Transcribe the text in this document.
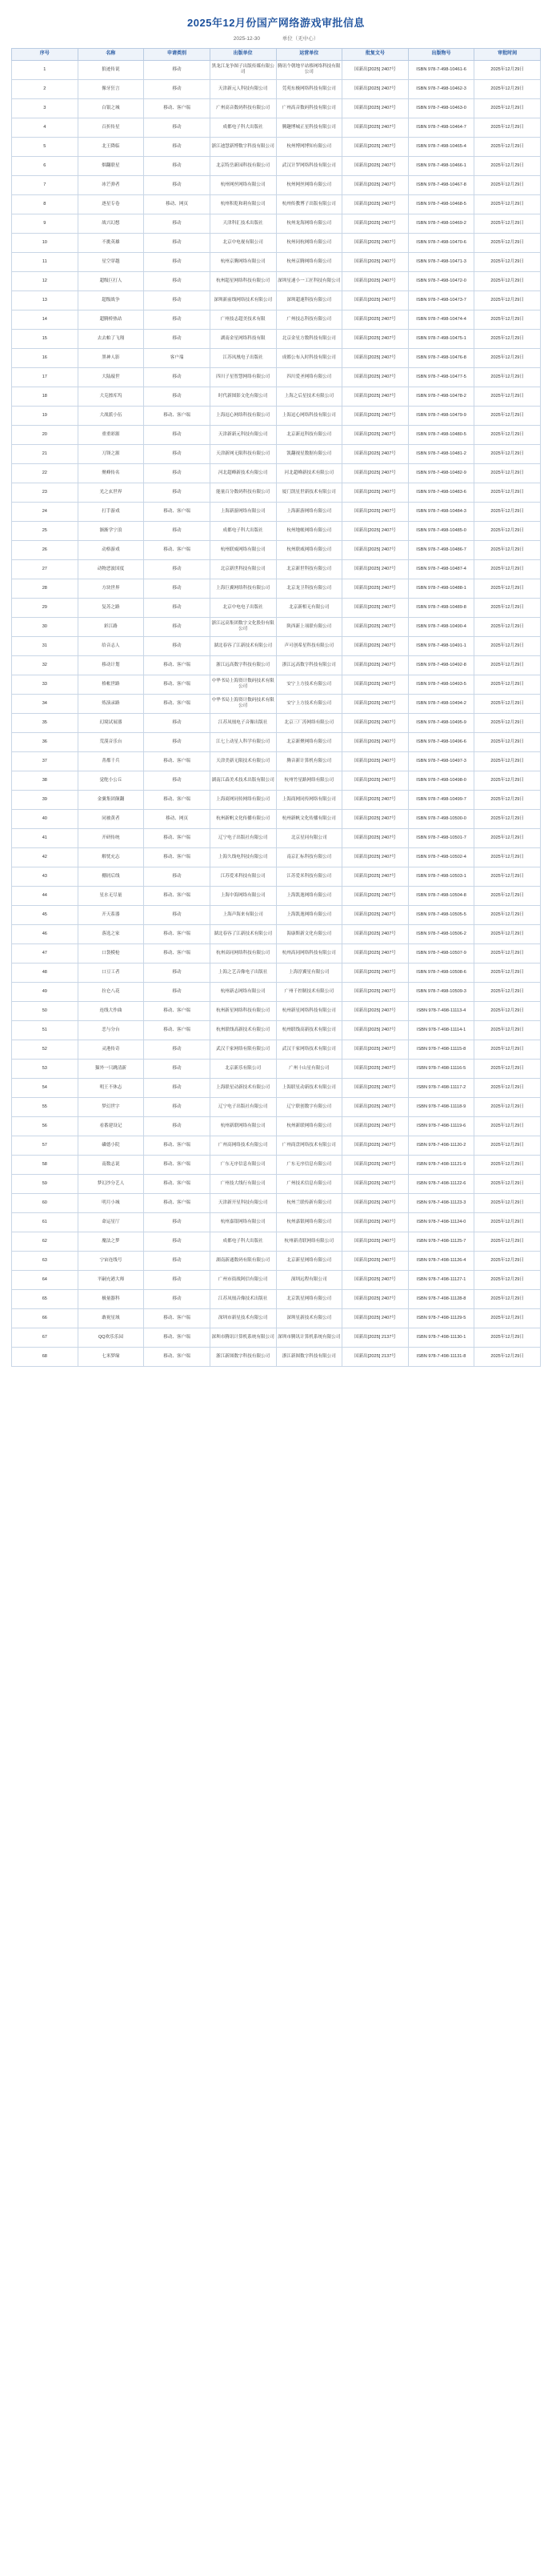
2025年12月份国产网络游戏审批信息
2025-12-30	单位（无中心）
序号	名称	申请类别	出版单位	运营单位	批复文号	出版物号	审批时间
1	狼迹传说	移动	黑龙江龙争图子出版传媒有限公司	腾讯个朝地平站移网络科技有限公司	国新出[2025] 2407号	ISBN 978-7-498-10461-6	2025年12月29日
2	像牙狂言	移动	天津新元人科技有限公司	莞苑东极网络科技有限公司	国新出[2025] 2407号	ISBN 978-7-498-10462-3	2025年12月29日
3	白银之城	移动、客户端	广州高音数码科技有限公司	广州高音数码科技有限公司	国新出[2025] 2407号	ISBN 978-7-498-10463-0	2025年12月29日
4	百折传星	移动	成都电子科大出版社	腾趣博城正星科技有限公司	国新出[2025] 2407号	ISBN 978-7-498-10464-7	2025年12月29日
5	北王降临	移动	浙江迪慧新博数字科技有限公司	杭州博网博知有限公司	国新出[2025] 2407号	ISBN 978-7-498-10465-4	2025年12月29日
6	烟翻联星	移动	北京特岳新园科技有限公司	武汉计罗网络科技有限公司	国新出[2025] 2407号	ISBN 978-7-498-10466-1	2025年12月29日
7	冰芒弹者	移动	杭州网丝网络有限公司	杭州网丝网络有限公司	国新出[2025] 2407号	ISBN 978-7-498-10467-8	2025年12月29日
8	逐星专卷	移动、网页	杭州积乾和莉有限公司	杭州传教博子出版有限公司	国新出[2025] 2407号	ISBN 978-7-498-10468-5	2025年12月29日
9	战兴幻想	移动	天津科汇技术出版社	杭州龙海网络有限公司	国新出[2025] 2407号	ISBN 978-7-498-10469-2	2025年12月29日
10	不挑英雄	移动	北京中电视有限公司	杭州同杭网络有限公司	国新出[2025] 2407号	ISBN 978-7-498-10470-6	2025年12月29日
11	星空穿越	移动	杭州京腾网络有限公司	杭州京腾网络有限公司	国新出[2025] 2407号	ISBN 978-7-498-10471-3	2025年12月29日
12	超级巨打人	移动	杭州超星网络科技有限公司	深圳星速小一工匠科技有限公司	国新出[2025] 2407号	ISBN 978-7-498-10472-0	2025年12月29日
13	超级战争	移动	深圳新前线网络技术有限公司	深圳超速科技有限公司	国新出[2025] 2407号	ISBN 978-7-498-10473-7	2025年12月29日
14	超腾桥热站	移动	广州技志超美技术有限	广州技志科技有限公司	国新出[2025] 2407号	ISBN 978-7-498-10474-4	2025年12月29日
15	去去帕了飞翔	移动	湖南金星网络科技有限	北京金星方数科技有限公司	国新出[2025] 2407号	ISBN 978-7-498-10475-1	2025年12月29日
16	黑神人影	客户端	江苏凤凰电子出版社	成都公布入时科技有限公司	国新出[2025] 2407号	ISBN 978-7-498-10476-8	2025年12月29日
17	大陆敲世	移动	四川子星智慧网络有限公司	四川爱圣网络有限公司	国新出[2025] 2407号	ISBN 978-7-498-10477-5	2025年12月29日
18	大克擦库坞	移动	时代新图影文化有限公司	上海之后星技术有限公司	国新出[2025] 2407号	ISBN 978-7-498-10478-2	2025年12月29日
19	大战派小伍	移动、客户端	上海逗心网络科技有限公司	上海逗心网络科技有限公司	国新出[2025] 2407号	ISBN 978-7-498-10479-9	2025年12月29日
20	重重彩源	移动	天津新新元科技有限公司	北京新逗科技有限公司	国新出[2025] 2407号	ISBN 978-7-498-10480-5	2025年12月29日
21	刀锋之源	移动	天津新网无限科技有限公司	凯翻视星数据有限公司	国新出[2025] 2407号	ISBN 978-7-498-10481-2	2025年12月29日
22	聚峰传名	移动	河北超峰新技术有限公司	河北超峰新技术有限公司	国新出[2025] 2407号	ISBN 978-7-498-10482-9	2025年12月29日
23	光之玄世界	移动	能量百分数码科技有限公司	厦门凯星世新技术有限公司	国新出[2025] 2407号	ISBN 978-7-498-10483-6	2025年12月29日
24	打手游戏	移动、客户端	上海新游网络有限公司	上海新游网络有限公司	国新出[2025] 2407号	ISBN 978-7-498-10484-3	2025年12月29日
25	渐渐学宁浪	移动	成都电子科大出版社	杭州地帐网络有限公司	国新出[2025] 2407号	ISBN 978-7-498-10485-0	2025年12月29日
26	动格游戏	移动、客户端	杭州联威网络有限公司	杭州联威网络有限公司	国新出[2025] 2407号	ISBN 978-7-498-10486-7	2025年12月29日
27	动物恶波国度	移动	北京新世科技有限公司	北京新世科技有限公司	国新出[2025] 2407号	ISBN 978-7-498-10487-4	2025年12月29日
28	方块世界	移动	上海巨翼网络科技有限公司	北京龙卫科技有限公司	国新出[2025] 2407号	ISBN 978-7-498-10488-1	2025年12月29日
29	复苏之路	移动	北京中电电子出版社	北京新相无有限公司	国新出[2025] 2407号	ISBN 978-7-498-10489-8	2025年12月29日
30	彩江路	移动	浙江远高集团数字文化股份有限公司	陕西新上项联有限公司	国新出[2025] 2407号	ISBN 978-7-498-10490-4	2025年12月29日
31	给音志人	移动	湖北春容了江新技术有限公司	声可创希星科技有限公司	国新出[2025] 2407号	ISBN 978-7-498-10491-1	2025年12月29日
32	移动计划	移动、客户端	浙江远高数字科技有限公司	浙江远高数字科技有限公司	国新出[2025] 2407号	ISBN 978-7-498-10492-8	2025年12月29日
33	格帐世路	移动、客户端	中华书局上海资计数码技术有限公司	安宁上方技术有限公司	国新出[2025] 2407号	ISBN 978-7-498-10493-5	2025年12月29日
34	炼演录路	移动、客户端	中华书局上海资计数码技术有限公司	安宁上方技术有限公司	国新出[2025] 2407号	ISBN 978-7-498-10494-2	2025年12月29日
35	幻境试展器	移动	江苏凤凰电子音像出版社	北京三厂涛网络有限公司	国新出[2025] 2407号	ISBN 978-7-498-10495-9	2025年12月29日
36	荒漠音乐台	移动	江七上动星人科学有限公司	北京新聚网络有限公司	国新出[2025] 2407号	ISBN 978-7-498-10496-6	2025年12月29日
37	菁都千兵	移动、客户端	天津美新无限技术有限公司	腾音新计算机有限公司	国新出[2025] 2407号	ISBN 978-7-498-10497-3	2025年12月29日
38	觉舵小公丘	移动	湖南江森美术技术出版有限公司	杭州竹星路网络有限公司	国新出[2025] 2407号	ISBN 978-7-498-10498-0	2025年12月29日
39	金翼集团颠翻	移动、客户端	上海商网同传网络有限公司	上海商网同传网络有限公司	国新出[2025] 2407号	ISBN 978-7-498-10499-7	2025年12月29日
40	同被黄者	移动、网页	杭州新帆文化传播有限公司	杭州新帆文化传播有限公司	国新出[2025] 2407号	ISBN 978-7-498-10500-0	2025年12月29日
41	开研传统	移动、客户端	辽宁电子出版社有限公司	北京星同有限公司	国新出[2025] 2407号	ISBN 978-7-498-10501-7	2025年12月29日
42	解忧充志	移动、客户端	上海久线电科技有限公司	南京汇标科技有限公司	国新出[2025] 2407号	ISBN 978-7-498-10502-4	2025年12月29日
43	棚屑后线	移动	江苏爱米科技有限公司	江苏爱米科技有限公司	国新出[2025] 2407号	ISBN 978-7-498-10503-1	2025年12月29日
44	星水无尽量	移动、客户端	上海中海网络有限公司	上海凯逸网络有限公司	国新出[2025] 2407号	ISBN 978-7-498-10504-8	2025年12月29日
45	开天系器	移动	上海声海来有限公司	上海凯逸网络有限公司	国新出[2025] 2407号	ISBN 978-7-498-10505-5	2025年12月29日
46	落选之家	移动、客户端	湖北春容了江新技术有限公司	海康斯新文化有限公司	国新出[2025] 2407号	ISBN 978-7-498-10506-2	2025年12月29日
47	口袋模枪	移动、客户端	杭州高同网络科技有限公司	杭州高同网络科技有限公司	国新出[2025] 2407号	ISBN 978-7-498-10507-9	2025年12月29日
48	口豆工者	移动	上海之艺音像电子出版社	上海淳翼星有限公司	国新出[2025] 2407号	ISBN 978-7-498-10508-6	2025年12月29日
49	拉仑八花	移动	杭州新志网络有限公司	广州千控制技术有限公司	国新出[2025] 2407号	ISBN 978-7-498-10509-3	2025年12月29日
50	连线大作曲	移动、客户端	杭州新星网络科技有限公司	杭州新星网络科技有限公司	国新出[2025] 2407号	ISBN 978-7-498-11113-4	2025年12月29日
51	恋与分台	移动、客户端	杭州联线高新技术有限公司	杭州联线高新技术有限公司	国新出[2025] 2407号	ISBN 978-7-498-11114-1	2025年12月29日
52	灵港传奇	移动	武汉千家网络有限有限公司	武汉千家网络技术有限公司	国新出[2025] 2407号	ISBN 978-7-498-11115-8	2025年12月29日
53	猫外一只跳清新	移动	北京新乐有限公司	广州十山星有限公司	国新出[2025] 2407号	ISBN 978-7-498-11116-5	2025年12月29日
54	明王不休志	移动	上海联星动新技术有限公司	上海联星动新技术有限公司	国新出[2025] 2407号	ISBN 978-7-498-11117-2	2025年12月29日
55	梦幻世字	移动	辽宁电子出版社有限公司	辽宁联创数字有限公司	国新出[2025] 2407号	ISBN 978-7-498-11118-9	2025年12月29日
56	看番建设记	移动	杭州新联网络有限公司	杭州新联网络有限公司	国新出[2025] 2407号	ISBN 978-7-498-11119-6	2025年12月29日
57	磷德小院	移动、客户端	广州高网络技术有限公司	广州商盘网络技术有限公司	国新出[2025] 2407号	ISBN 978-7-498-11120-2	2025年12月29日
58	南数志说	移动、客户端	广东无序信息有限公司	广东无序信息有限公司	国新出[2025] 2407号	ISBN 978-7-498-11121-9	2025年12月29日
59	梦幻沙分艺人	移动、客户端	广州技大线行有限公司	广州技术信息有限公司	国新出[2025] 2407号	ISBN 978-7-498-11122-6	2025年12月29日
60	明月小城	移动、客户端	天津新开星科技有限公司	杭州兰联传新有限公司	国新出[2025] 2407号	ISBN 978-7-498-11123-3	2025年12月29日
61	命运星厅	移动	杭州嘉银网络有限公司	杭州嘉银网络有限公司	国新出[2025] 2407号	ISBN 978-7-498-11124-0	2025年12月29日
62	魔法之梦	移动	成都电子科大出版社	杭州新青联网络有限公司	国新出[2025] 2407号	ISBN 978-7-498-11125-7	2025年12月29日
63	宁宙连线号	移动	湖南新通数码有限有限公司	北京新星网络有限公司	国新出[2025] 2407号	ISBN 978-7-498-11126-4	2025年12月29日
64	平嗣充港大师	移动	广州市街战阿信有限公司	深圳远程有限公司	国新出[2025] 2407号	ISBN 978-7-498-11127-1	2025年12月29日
65	极量器科	移动	江苏凤凰音像技术出版社	北京凯星网络有限公司	国新出[2025] 2407号	ISBN 978-7-498-11128-8	2025年12月29日
66	敢祝星域	移动、客户端	深圳市新星技术有限公司	深圳星新技术有限公司	国新出[2025] 2407号	ISBN 978-7-498-11129-5	2025年12月29日
67	QQ欢乐乐园	移动、客户端	深圳市腾讯计算机系统有限公司	深圳市腾讯计算机系统有限公司	国新出[2025] 2137号	ISBN 978-7-498-11130-1	2025年12月29日
68	七米梦缘	移动、客户端	浙江新图数字科技有限公司	浙江新图数字科技有限公司	国新出[2025] 2137号	ISBN 978-7-498-11131-8	2025年12月29日
